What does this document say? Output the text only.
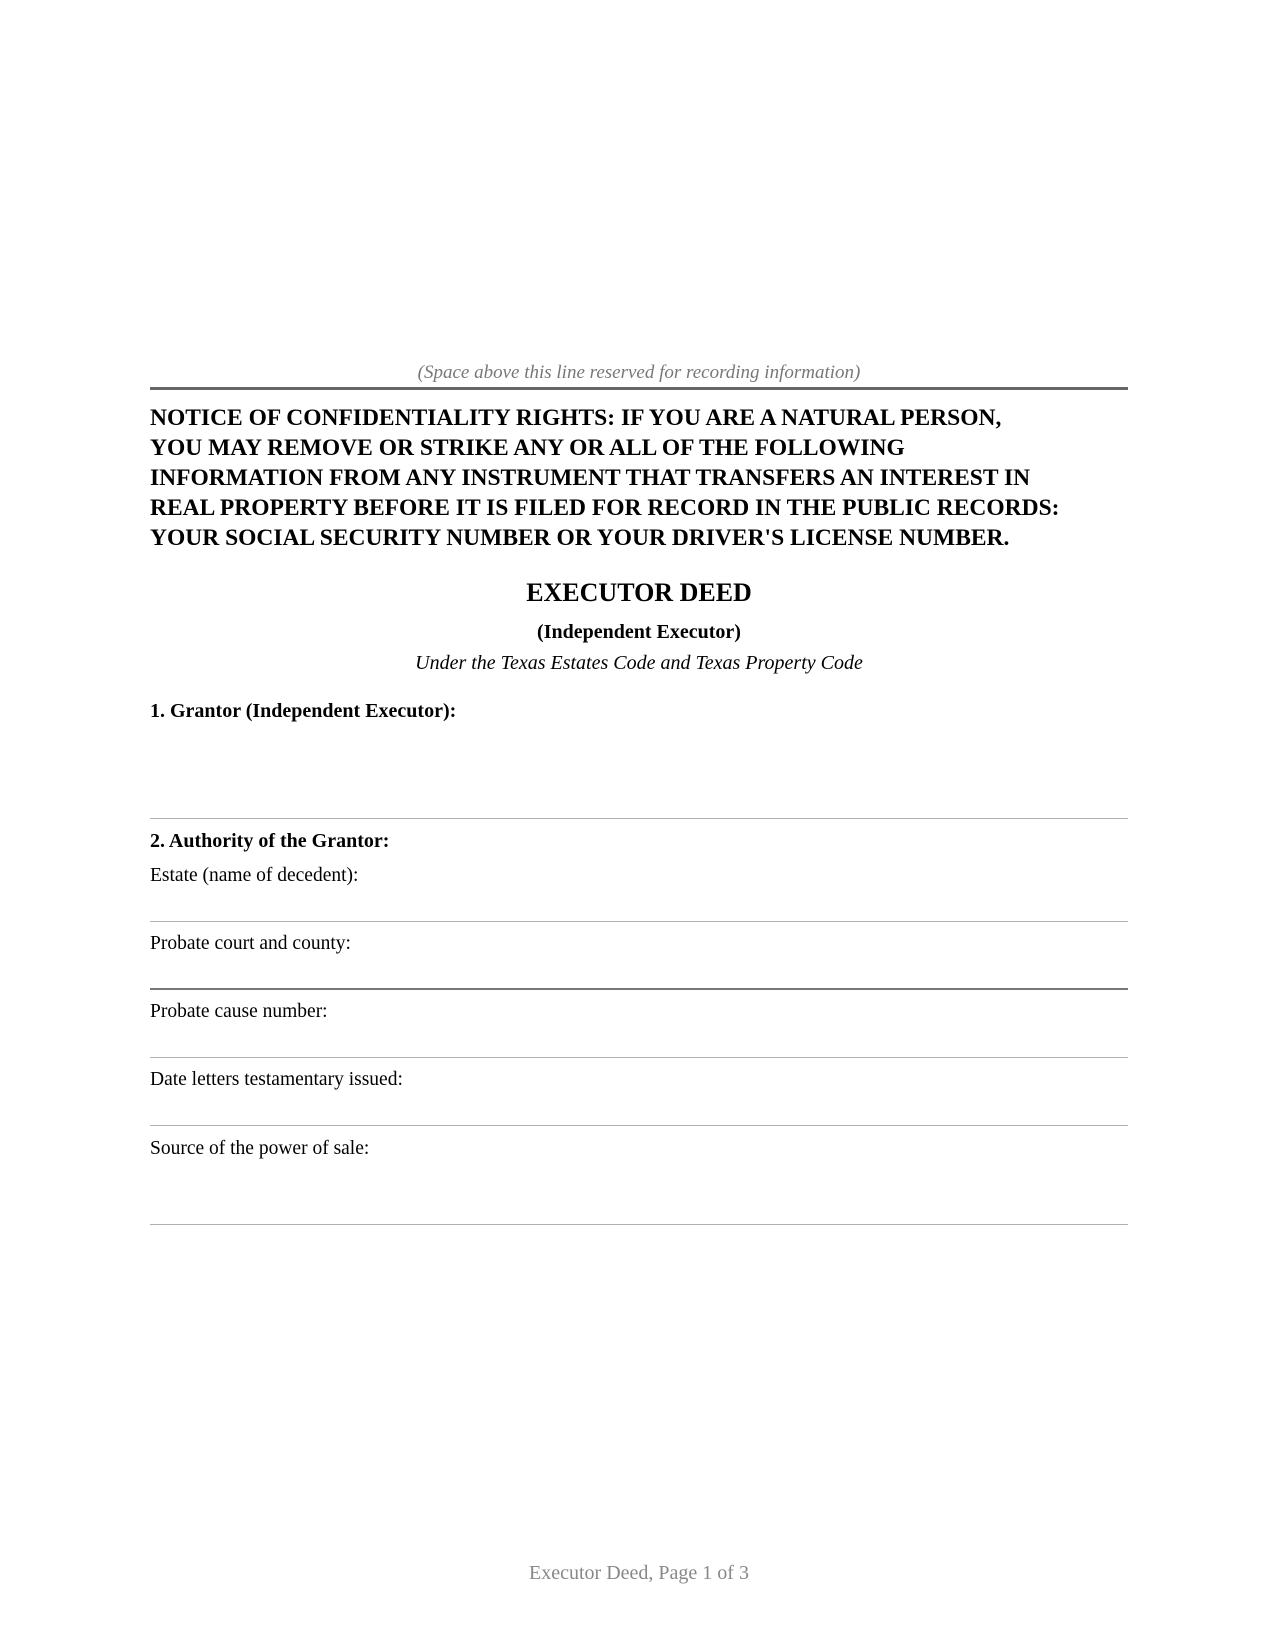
(Space above this line reserved for recording information)
NOTICE OF CONFIDENTIALITY RIGHTS: IF YOU ARE A NATURAL PERSON,
YOU MAY REMOVE OR STRIKE ANY OR ALL OF THE FOLLOWING
INFORMATION FROM ANY INSTRUMENT THAT TRANSFERS AN INTEREST IN
REAL PROPERTY BEFORE IT IS FILED FOR RECORD IN THE PUBLIC RECORDS:
YOUR SOCIAL SECURITY NUMBER OR YOUR DRIVER'S LICENSE NUMBER.
EXECUTOR DEED
(Independent Executor)
Under the Texas Estates Code and Texas Property Code
1. Grantor (Independent Executor):
2. Authority of the Grantor:
Estate (name of decedent):
Probate court and county:
Probate cause number:
Date letters testamentary issued:
Source of the power of sale:
Executor Deed, Page 1 of 3
